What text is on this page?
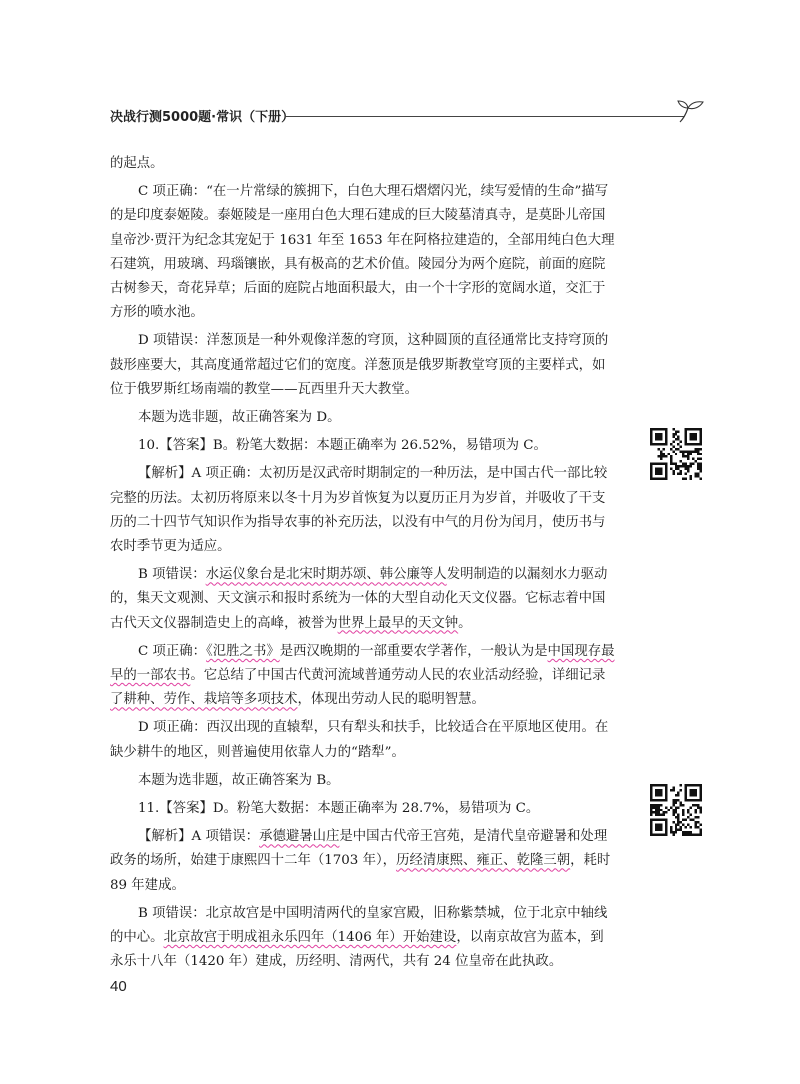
决战行测5000题·常识（下册）

的起点。

C 项正确：“在一片常绿的簇拥下，白色大理石熠熠闪光，续写爱情的生命”描写

的是印度泰姬陵。泰姬陵是一座用白色大理石建成的巨大陵墓清真寺，是莫卧儿帝国

皇帝沙·贾汗为纪念其宠妃于 1631 年至 1653 年在阿格拉建造的，全部用纯白色大理

石建筑，用玻璃、玛瑙镶嵌，具有极高的艺术价值。陵园分为两个庭院，前面的庭院

古树参天，奇花异草；后面的庭院占地面积最大，由一个十字形的宽阔水道，交汇于

方形的喷水池。

D 项错误：洋葱顶是一种外观像洋葱的穹顶，这种圆顶的直径通常比支持穹顶的

鼓形座要大，其高度通常超过它们的宽度。洋葱顶是俄罗斯教堂穹顶的主要样式，如

位于俄罗斯红场南端的教堂——瓦西里升天大教堂。

本题为选非题，故正确答案为 D。

10.【答案】B。粉笔大数据：本题正确率为 26.52%，易错项为 C。

【解析】A 项正确：太初历是汉武帝时期制定的一种历法，是中国古代一部比较

完整的历法。太初历将原来以冬十月为岁首恢复为以夏历正月为岁首，并吸收了干支

历的二十四节气知识作为指导农事的补充历法，以没有中气的月份为闰月，使历书与

农时季节更为适应。

B 项错误：水运仪象台是北宋时期苏颂、韩公廉等人发明制造的以漏刻水力驱动

的，集天文观测、天文演示和报时系统为一体的大型自动化天文仪器。它标志着中国

古代天文仪器制造史上的高峰，被誉为世界上最早的天文钟。

C 项正确：《氾胜之书》是西汉晚期的一部重要农学著作，一般认为是中国现存最

早的一部农书。它总结了中国古代黄河流域普通劳动人民的农业活动经验，详细记录

了耕种、劳作、栽培等多项技术，体现出劳动人民的聪明智慧。

D 项正确：西汉出现的直辕犁，只有犁头和扶手，比较适合在平原地区使用。在

缺少耕牛的地区，则普遍使用依靠人力的“踏犁”。

本题为选非题，故正确答案为 B。

11.【答案】D。粉笔大数据：本题正确率为 28.7%，易错项为 C。

【解析】A 项错误：承德避暑山庄是中国古代帝王宫苑，是清代皇帝避暑和处理

政务的场所，始建于康熙四十二年（1703 年），历经清康熙、雍正、乾隆三朝，耗时

89 年建成。

B 项错误：北京故宫是中国明清两代的皇家宫殿，旧称紫禁城，位于北京中轴线

的中心。北京故宫于明成祖永乐四年（1406 年）开始建设，以南京故宫为蓝本，到

永乐十八年（1420 年）建成，历经明、清两代，共有 24 位皇帝在此执政。

40
